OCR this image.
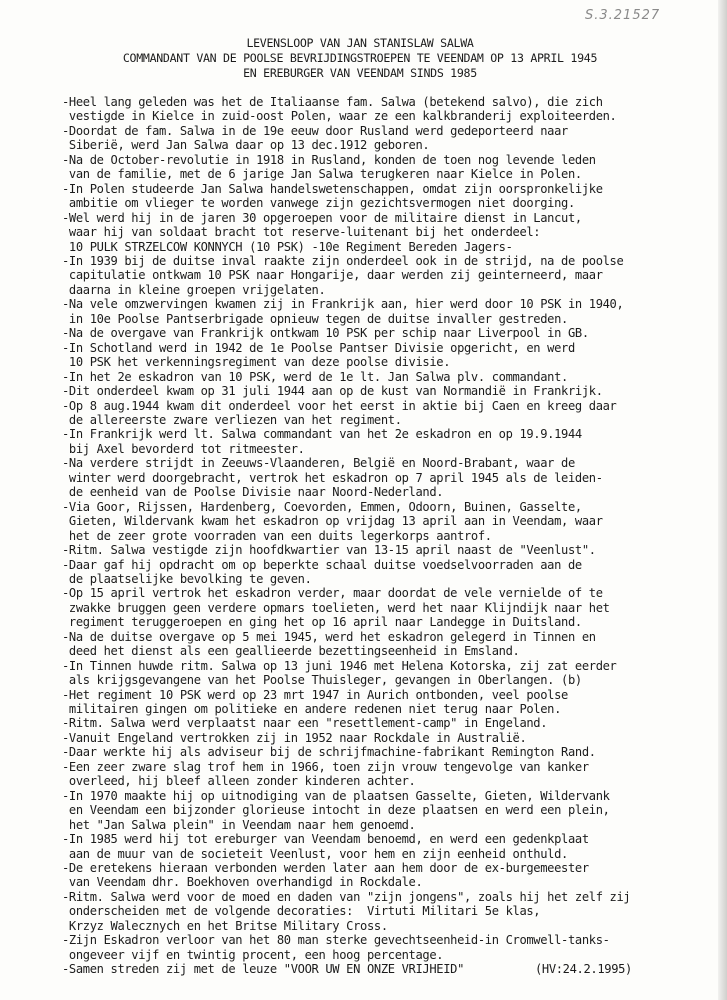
S.3.21527
LEVENSLOOP VAN JAN STANISLAW SALWA
COMMANDANT VAN DE POOLSE BEVRIJDINGSTROEPEN TE VEENDAM OP 13 APRIL 1945
EN EREBURGER VAN VEENDAM SINDS 1985
-Heel lang geleden was het de Italiaanse fam. Salwa (betekend salvo), die zich
vestigde in Kielce in zuid-oost Polen, waar ze een kalkbranderij exploiteerden.
-Doordat de fam. Salwa in de 19e eeuw door Rusland werd gedeporteerd naar
Siberië, werd Jan Salwa daar op 13 dec.1912 geboren.
-Na de October-revolutie in 1918 in Rusland, konden de toen nog levende leden
van de familie, met de 6 jarige Jan Salwa terugkeren naar Kielce in Polen.
-In Polen studeerde Jan Salwa handelswetenschappen, omdat zijn oorspronkelijke
ambitie om vlieger te worden vanwege zijn gezichtsvermogen niet doorging.
-Wel werd hij in de jaren 30 opgeroepen voor de militaire dienst in Lancut,
waar hij van soldaat bracht tot reserve-luitenant bij het onderdeel:
10 PULK STRZELCOW KONNYCH (10 PSK) -10e Regiment Bereden Jagers-
-In 1939 bij de duitse inval raakte zijn onderdeel ook in de strijd, na de poolse
capitulatie ontkwam 10 PSK naar Hongarije, daar werden zij geinterneerd, maar
daarna in kleine groepen vrijgelaten.
-Na vele omzwervingen kwamen zij in Frankrijk aan, hier werd door 10 PSK in 1940,
in 10e Poolse Pantserbrigade opnieuw tegen de duitse invaller gestreden.
-Na de overgave van Frankrijk ontkwam 10 PSK per schip naar Liverpool in GB.
-In Schotland werd in 1942 de 1e Poolse Pantser Divisie opgericht, en werd
10 PSK het verkenningsregiment van deze poolse divisie.
-In het 2e eskadron van 10 PSK, werd de 1e lt. Jan Salwa plv. commandant.
-Dit onderdeel kwam op 31 juli 1944 aan op de kust van Normandië in Frankrijk.
-Op 8 aug.1944 kwam dit onderdeel voor het eerst in aktie bij Caen en kreeg daar
de allereerste zware verliezen van het regiment.
-In Frankrijk werd lt. Salwa commandant van het 2e eskadron en op 19.9.1944
bij Axel bevorderd tot ritmeester.
-Na verdere strijdt in Zeeuws-Vlaanderen, België en Noord-Brabant, waar de
winter werd doorgebracht, vertrok het eskadron op 7 april 1945 als de leiden-
de eenheid van de Poolse Divisie naar Noord-Nederland.
-Via Goor, Rijssen, Hardenberg, Coevorden, Emmen, Odoorn, Buinen, Gasselte,
Gieten, Wildervank kwam het eskadron op vrijdag 13 april aan in Veendam, waar
het de zeer grote voorraden van een duits legerkorps aantrof.
-Ritm. Salwa vestigde zijn hoofdkwartier van 13-15 april naast de "Veenlust".
-Daar gaf hij opdracht om op beperkte schaal duitse voedselvoorraden aan de
de plaatselijke bevolking te geven.
-Op 15 april vertrok het eskadron verder, maar doordat de vele vernielde of te
zwakke bruggen geen verdere opmars toelieten, werd het naar Klijndijk naar het
regiment teruggeroepen en ging het op 16 april naar Landegge in Duitsland.
-Na de duitse overgave op 5 mei 1945, werd het eskadron gelegerd in Tinnen en
deed het dienst als een geallieerde bezettingseenheid in Emsland.
-In Tinnen huwde ritm. Salwa op 13 juni 1946 met Helena Kotorska, zij zat eerder
als krijgsgevangene van het Poolse Thuisleger, gevangen in Oberlangen. (b)
-Het regiment 10 PSK werd op 23 mrt 1947 in Aurich ontbonden, veel poolse
militairen gingen om politieke en andere redenen niet terug naar Polen.
-Ritm. Salwa werd verplaatst naar een "resettlement-camp" in Engeland.
-Vanuit Engeland vertrokken zij in 1952 naar Rockdale in Australië.
-Daar werkte hij als adviseur bij de schrijfmachine-fabrikant Remington Rand.
-Een zeer zware slag trof hem in 1966, toen zijn vrouw tengevolge van kanker
overleed, hij bleef alleen zonder kinderen achter.
-In 1970 maakte hij op uitnodiging van de plaatsen Gasselte, Gieten, Wildervank
en Veendam een bijzonder glorieuse intocht in deze plaatsen en werd een plein,
het "Jan Salwa plein" in Veendam naar hem genoemd.
-In 1985 werd hij tot ereburger van Veendam benoemd, en werd een gedenkplaat
aan de muur van de societeit Veenlust, voor hem en zijn eenheid onthuld.
-De eretekens hieraan verbonden werden later aan hem door de ex-burgemeester
van Veendam dhr. Boekhoven overhandigd in Rockdale.
-Ritm. Salwa werd voor de moed en daden van "zijn jongens", zoals hij het zelf zij
onderscheiden met de volgende decoraties:  Virtuti Militari 5e klas,
Krzyz Walecznych en het Britse Military Cross.
-Zijn Eskadron verloor van het 80 man sterke gevechtseenheid-in Cromwell-tanks-
ongeveer vijf en twintig procent, een hoog percentage.
-Samen streden zij met de leuze "VOOR UW EN ONZE VRIJHEID"	(HV:24.2.1995)
